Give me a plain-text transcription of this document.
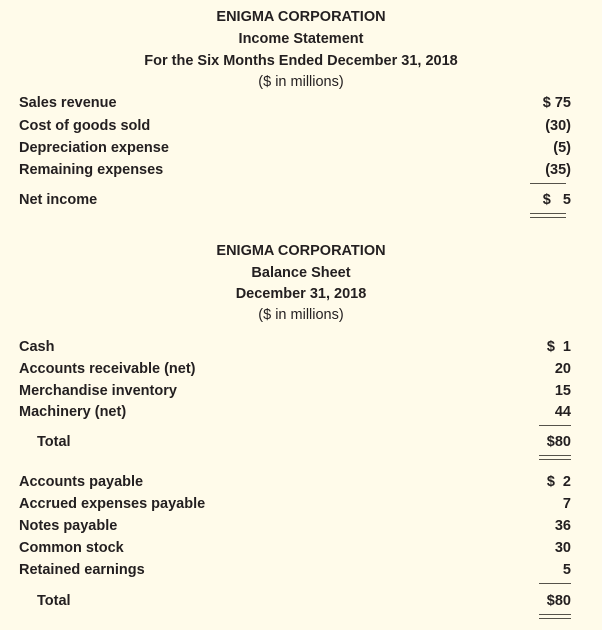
ENIGMA CORPORATION
Income Statement
For the Six Months Ended December 31, 2018
($ in millions)
Sales revenue	$ 75
Cost of goods sold	(30)
Depreciation expense	(5)
Remaining expenses	(35)
Net income	$   5
ENIGMA CORPORATION
Balance Sheet
December 31, 2018
($ in millions)
Cash	$  1
Accounts receivable (net)	20
Merchandise inventory	15
Machinery (net)	44
Total	$80
Accounts payable	$  2
Accrued expenses payable	7
Notes payable	36
Common stock	30
Retained earnings	5
Total	$80
